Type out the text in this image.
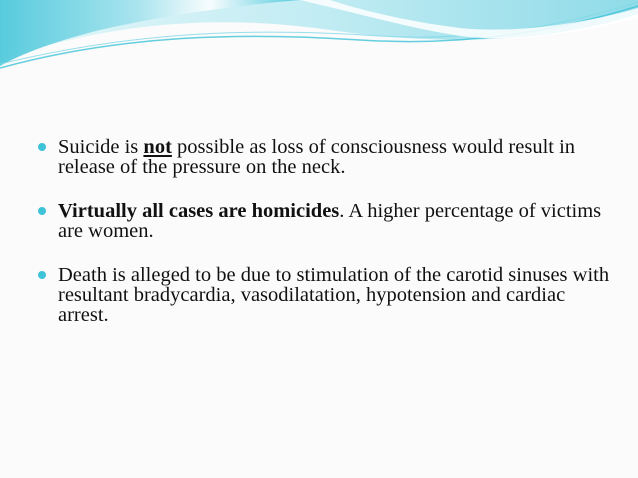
Suicide is not possible as loss of consciousness would result in release of the pressure on the neck.
Virtually all cases are homicides. A higher percentage of victims are women.
Death is alleged to be due to stimulation of the carotid sinuses with resultant bradycardia, vasodilatation, hypotension and cardiac arrest.
